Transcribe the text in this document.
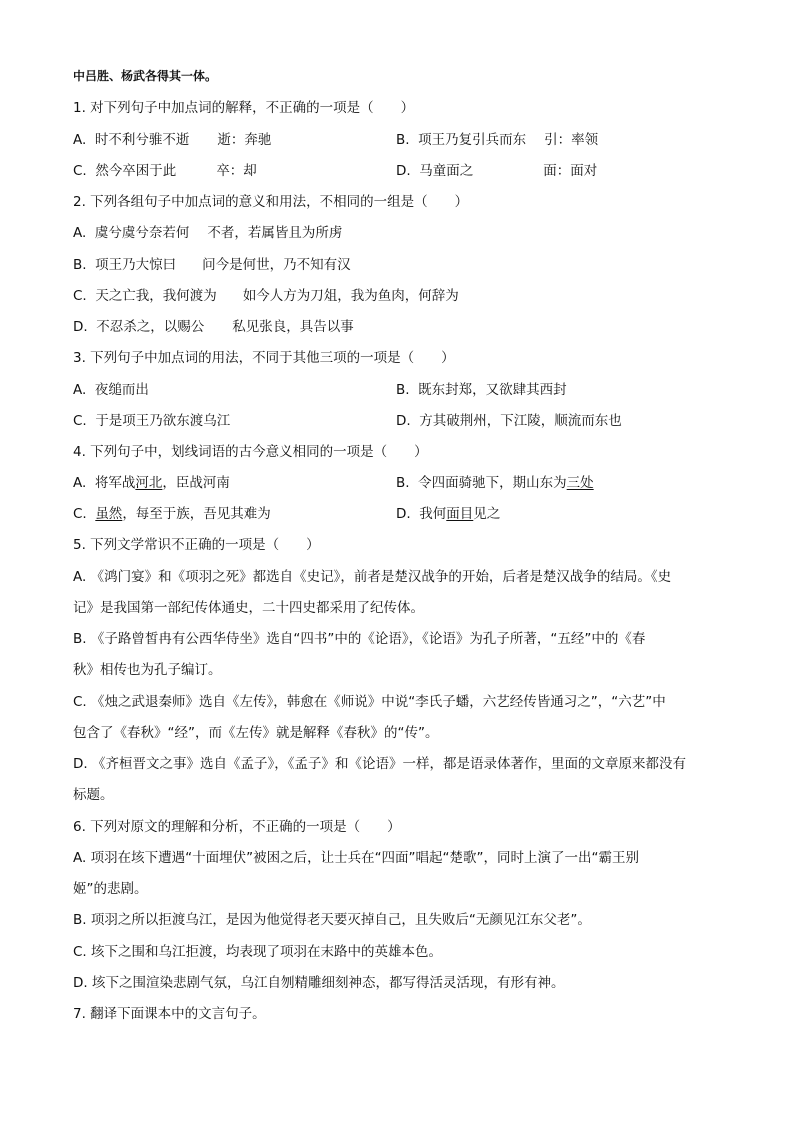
中吕胜、杨武各得其一体。
1. 对下列句子中加点词的解释，不正确的一项是（　　）
A. 时不利兮骓不逝 逝：奔驰	B. 项王乃复引兵而东 引：率领
C. 然今卒困于此	卒：却	D. 马童面之	面：面对
2. 下列各组句子中加点词的意义和用法，不相同的一组是（　　）
A. 虞兮虞兮奈若何 不者，若属皆且为所虏
B. 项王乃大惊曰 问今是何世，乃不知有汉
C. 天之亡我，我何渡为 如今人方为刀俎，我为鱼肉，何辞为
D. 不忍杀之，以赐公 私见张良，具告以事
3. 下列句子中加点词的用法，不同于其他三项的一项是（　　）
A. 夜缒而出	B. 既东封郑，又欲肆其西封
C. 于是项王乃欲东渡乌江	D. 方其破荆州，下江陵，顺流而东也
4. 下列句子中，划线词语的古今意义相同的一项是（　　）
A. 将军战河北，臣战河南	B. 令四面骑驰下，期山东为三处
C. 虽然，每至于族，吾见其难为	D. 我何面目见之
5. 下列文学常识不正确的一项是（　　）
A. 《鸿门宴》和《项羽之死》都选自《史记》，前者是楚汉战争的开始，后者是楚汉战争的结局。《史
记》是我国第一部纪传体通史，二十四史都采用了纪传体。
B. 《子路曾皙冉有公西华侍坐》选自“四书”中的《论语》，《论语》为孔子所著，“五经”中的《春
秋》相传也为孔子编订。
C. 《烛之武退秦师》选自《左传》，韩愈在《师说》中说“李氏子蟠，六艺经传皆通习之”，“六艺”中
包含了《春秋》“经”，而《左传》就是解释《春秋》的“传”。
D. 《齐桓晋文之事》选自《孟子》，《孟子》和《论语》一样，都是语录体著作，里面的文章原来都没有
标题。
6. 下列对原文的理解和分析，不正确的一项是（　　）
A. 项羽在垓下遭遇“十面埋伏”被困之后，让士兵在“四面”唱起“楚歌”，同时上演了一出“霸王别
姬”的悲剧。
B. 项羽之所以拒渡乌江，是因为他觉得老天要灭掉自己，且失败后“无颜见江东父老”。
C. 垓下之围和乌江拒渡，均表现了项羽在末路中的英雄本色。
D. 垓下之围渲染悲剧气氛，乌江自刎精雕细刻神态，都写得活灵活现，有形有神。
7. 翻译下面课本中的文言句子。
